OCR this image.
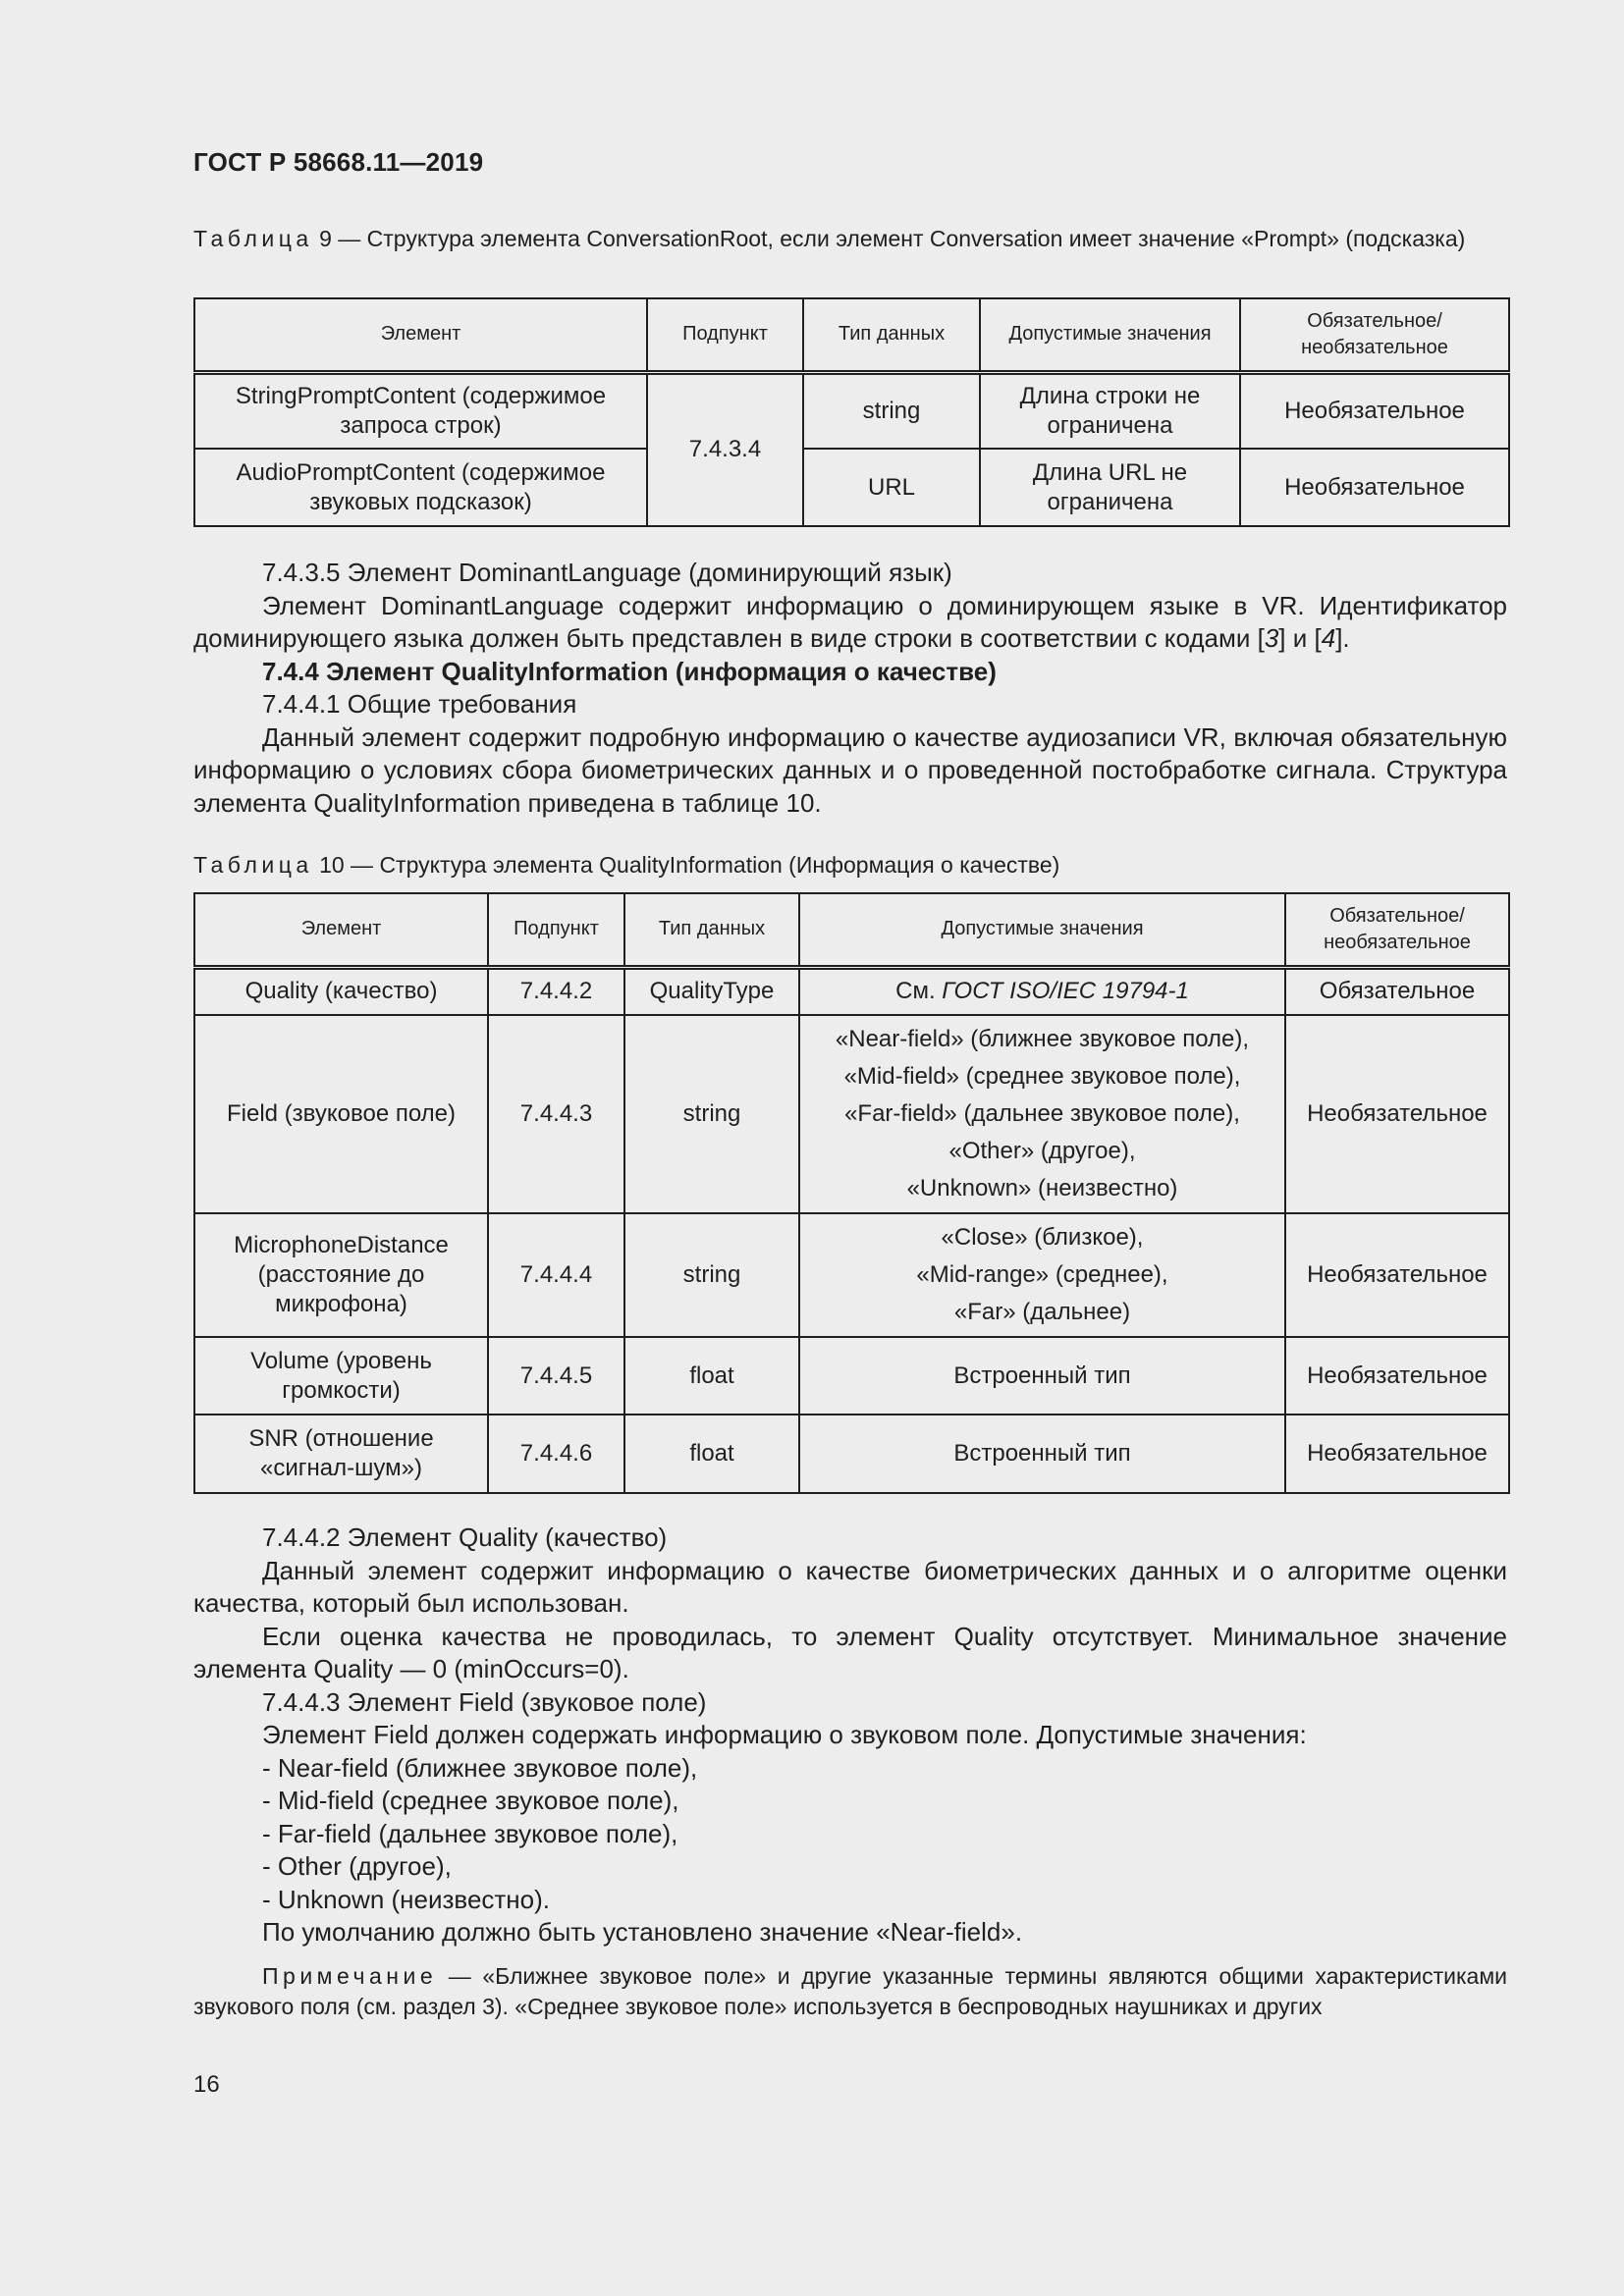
ГОСТ Р 58668.11—2019
Таблица 9 — Структура элемента ConversationRoot, если элемент Conversation имеет значение «Prompt» (подсказка)
Элемент	Подпункт	Тип данных	Допустимые значения	Обязательное/ необязательное
StringPromptContent (содержимое запроса строк)	7.4.3.4	string	Длина строки не ограничена	Необязательное
AudioPromptContent (содержимое звуковых подсказок)		URL	Длина URL не ограничена	Необязательное

7.4.3.5 Элемент DominantLanguage (доминирующий язык)

Элемент DominantLanguage содержит информацию о доминирующем языке в VR. Идентификатор доминирующего языка должен быть представлен в виде строки в соответствии с кодами [3] и [4].

7.4.4 Элемент QualityInformation (информация о качестве)

7.4.4.1 Общие требования

Данный элемент содержит подробную информацию о качестве аудиозаписи VR, включая обязательную информацию о условиях сбора биометрических данных и о проведенной постобработке сигнала. Структура элемента QualityInformation приведена в таблице 10.

Таблица 10 — Структура элемента QualityInformation (Информация о качестве)
Элемент	Подпункт	Тип данных	Допустимые значения	Обязательное/ необязательное
Quality (качество)	7.4.4.2	QualityType	См. ГОСТ ISO/IEC 19794-1	Обязательное
Field (звуковое поле)	7.4.4.3	string	«Near-field» (ближнее звуковое поле),
«Mid-field» (среднее звуковое поле),
«Far-field» (дальнее звуковое поле),
«Other» (другое),
«Unknown» (неизвестно)	Необязательное
MicrophoneDistance (расстояние до микрофона)	7.4.4.4	string	«Close» (близкое),
«Mid-range» (среднее),
«Far» (дальнее)	Необязательное
Volume (уровень громкости)	7.4.4.5	float	Встроенный тип	Необязательное
SNR (отношение «сигнал-шум»)	7.4.4.6	float	Встроенный тип	Необязательное

7.4.4.2 Элемент Quality (качество)

Данный элемент содержит информацию о качестве биометрических данных и о алгоритме оценки качества, который был использован.

Если оценка качества не проводилась, то элемент Quality отсутствует. Минимальное значение элемента Quality — 0 (minOccurs=0).

7.4.4.3 Элемент Field (звуковое поле)

Элемент Field должен содержать информацию о звуковом поле. Допустимые значения:

- Near-field (ближнее звуковое поле),

- Mid-field (среднее звуковое поле),

- Far-field (дальнее звуковое поле),

- Other (другое),

- Unknown (неизвестно).

По умолчанию должно быть установлено значение «Near-field».

Примечание — «Ближнее звуковое поле» и другие указанные термины являются общими характеристиками звукового поля (см. раздел 3). «Среднее звуковое поле» используется в беспроводных наушниках и других
16
